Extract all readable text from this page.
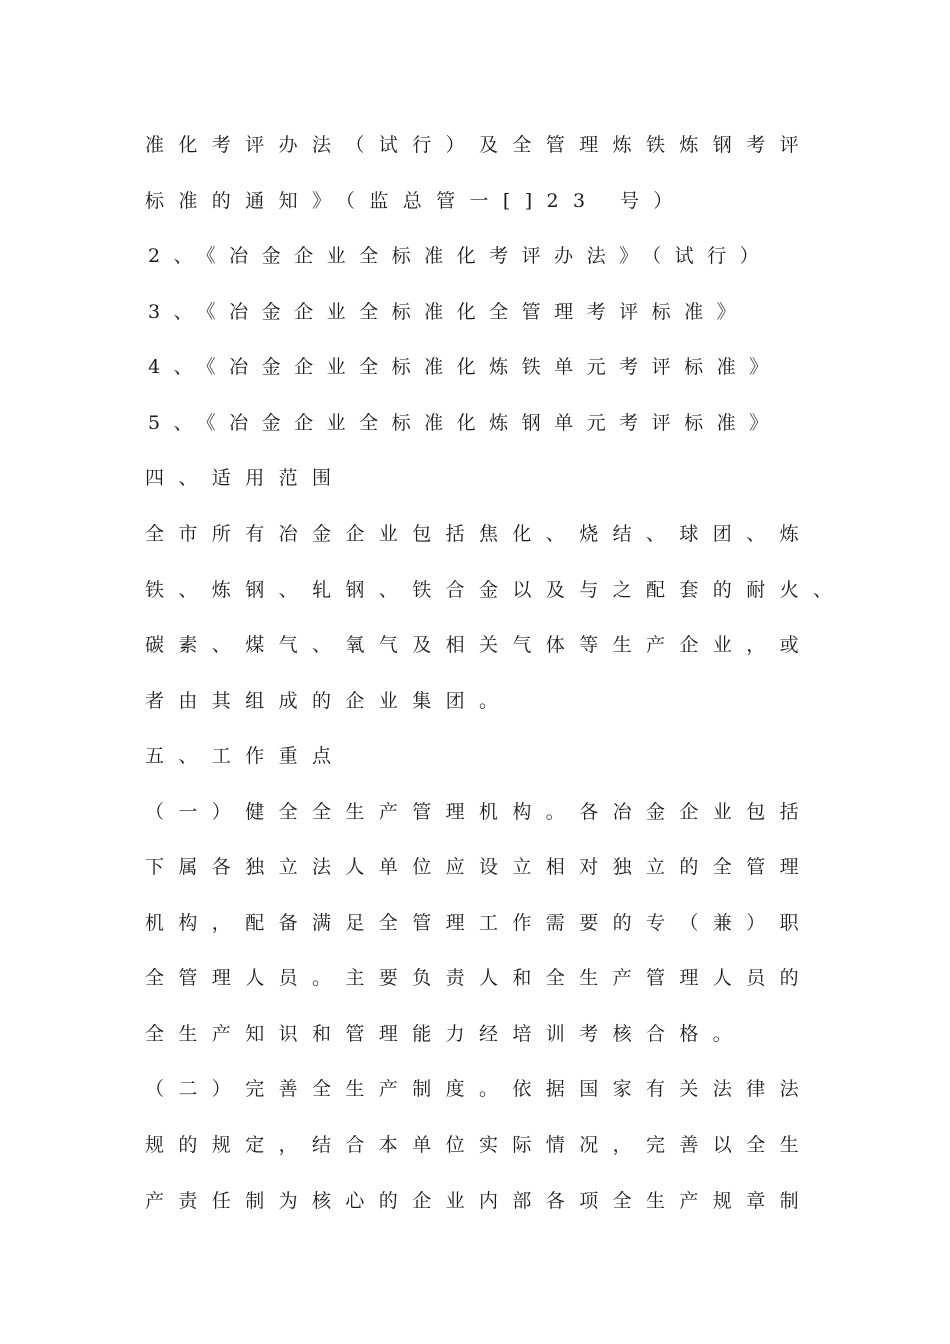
准化考评办法（试行）及全管理炼铁炼钢考评
标准的通知》（监总管一[]23 号）
2、《冶金企业全标准化考评办法》（试行）
3、《冶金企业全标准化全管理考评标准》
4、《冶金企业全标准化炼铁单元考评标准》
5、《冶金企业全标准化炼钢单元考评标准》
四、适用范围
全市所有冶金企业包括焦化、烧结、球团、炼
铁、炼钢、轧钢、铁合金以及与之配套的耐火、
碳素、煤气、氧气及相关气体等生产企业，或
者由其组成的企业集团。
五、工作重点
（一）健全全生产管理机构。各冶金企业包括
下属各独立法人单位应设立相对独立的全管理
机构，配备满足全管理工作需要的专（兼）职
全管理人员。主要负责人和全生产管理人员的
全生产知识和管理能力经培训考核合格。
（二）完善全生产制度。依据国家有关法律法
规的规定，结合本单位实际情况，完善以全生
产责任制为核心的企业内部各项全生产规章制
